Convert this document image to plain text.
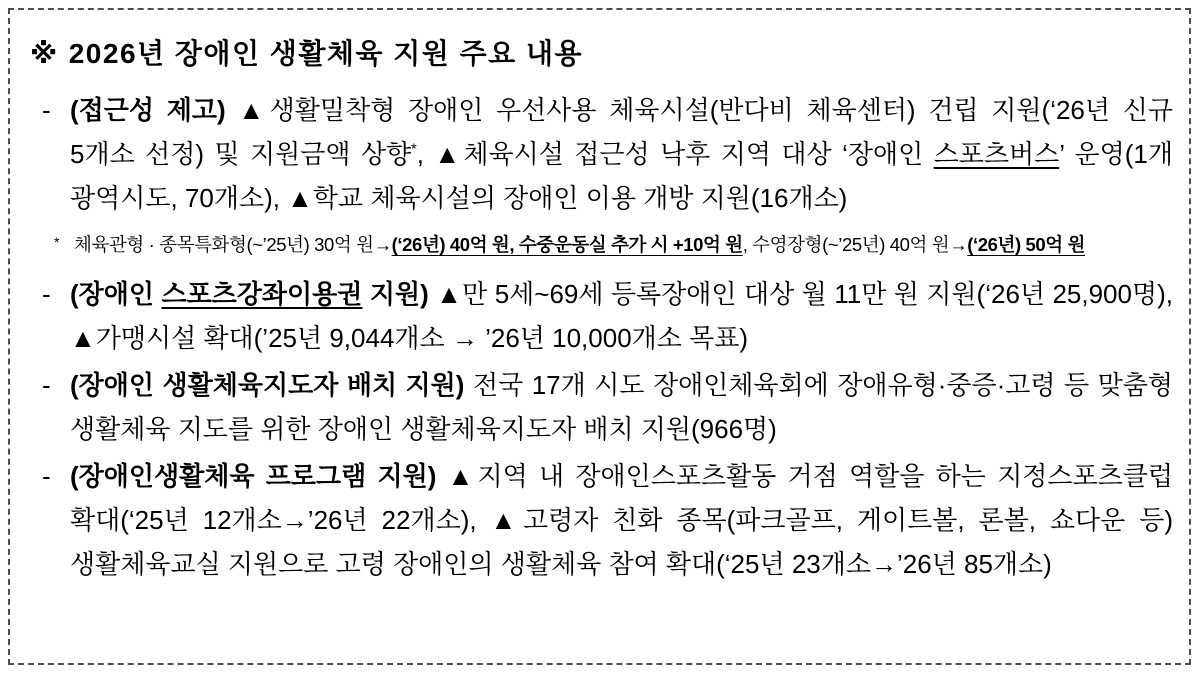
※ 2026년 장애인 생활체육 지원 주요 내용

- (접근성 제고) ▲생활밀착형 장애인 우선사용 체육시설(반다비 체육센터) 건립 지원(‘26년 신규 5개소 선정) 및 지원금액 상향*, ▲체육시설 접근성 낙후 지역 대상 ‘장애인 스포츠버스’ 운영(1개 광역시도, 70개소), ▲학교 체육시설의 장애인 이용 개방 지원(16개소)

* 체육관형 · 종목특화형(~’25년) 30억 원→(‘26년) 40억 원, 수중운동실 추가 시 +10억 원, 수영장형(~’25년) 40억 원→(‘26년) 50억 원

- (장애인 스포츠강좌이용권 지원) ▲만 5세~69세 등록장애인 대상 월 11만 원 지원(‘26년 25,900명), ▲가맹시설 확대(’25년 9,044개소 → ’26년 10,000개소 목표)

- (장애인 생활체육지도자 배치 지원) 전국 17개 시도 장애인체육회에 장애유형·중증·고령 등 맞춤형 생활체육 지도를 위한 장애인 생활체육지도자 배치 지원(966명)

- (장애인생활체육 프로그램 지원) ▲지역 내 장애인스포츠활동 거점 역할을 하는 지정스포츠클럽 확대(‘25년 12개소→’26년 22개소), ▲고령자 친화 종목(파크골프, 게이트볼, 론볼, 쇼다운 등) 생활체육교실 지원으로 고령 장애인의 생활체육 참여 확대(‘25년 23개소→’26년 85개소)
